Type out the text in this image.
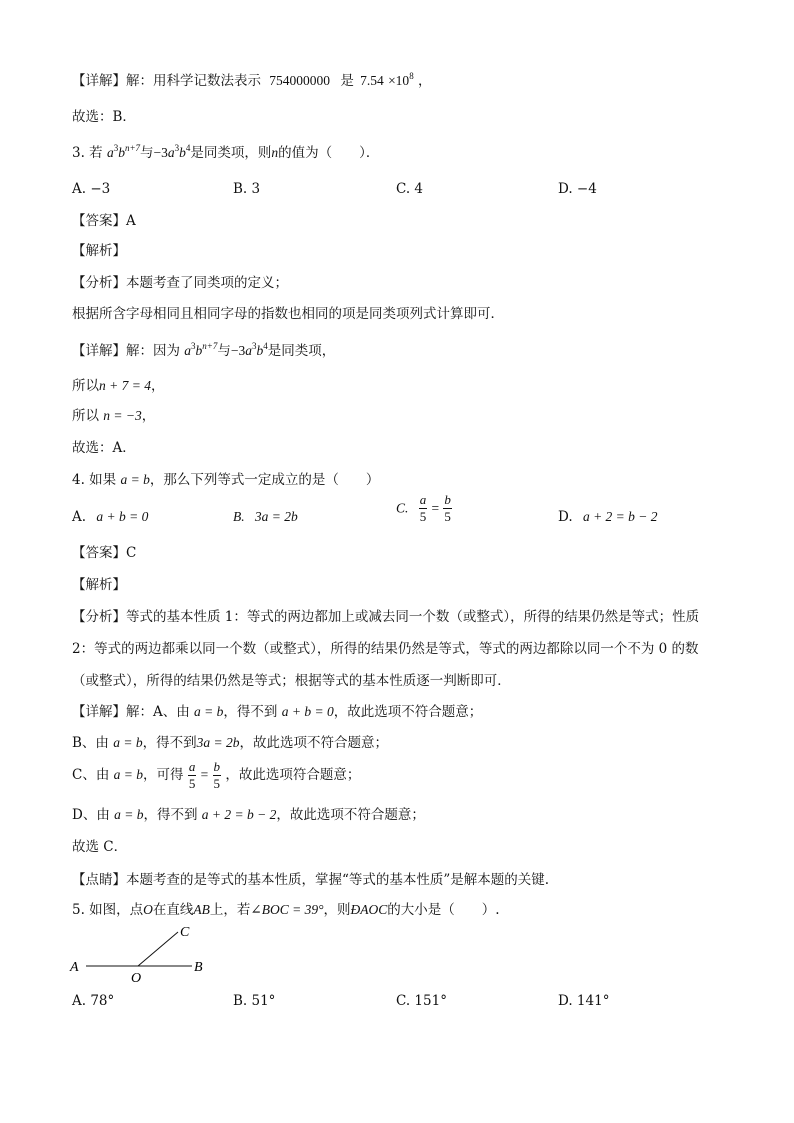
【详解】解：用科学记数法表示 754000000 是 $7.54 \times 10^8$ ，
故选：B．
3. 若 $a^3b^{n+7}$与$-3a^3b^4$是同类项，则n的值为（　　）．
A. −3	B. 3	C. 4	D. −4
【答案】A
【解析】
【分析】本题考查了同类项的定义；
根据所含字母相同且相同字母的指数也相同的项是同类项列式计算即可．
【详解】解：因为 $a^3b^{n+7}$与$-3a^3b^4$是同类项，
所以n + 7 = 4，
所以 n = −3，
故选：A．
4. 如果 a = b，那么下列等式一定成立的是（　　）
A. a + b = 0	B. 3a = 2b
C. $\frac{a}{5} = \frac{b}{5}$	D. a + 2 = b − 2
【答案】C
【解析】
【分析】等式的基本性质 1：等式的两边都加上或减去同一个数（或整式），所得的结果仍然是等式；性质
2：等式的两边都乘以同一个数（或整式），所得的结果仍然是等式，等式的两边都除以同一个不为 0 的数
（或整式），所得的结果仍然是等式；根据等式的基本性质逐一判断即可．
【详解】解：A、由 a = b，得不到 a + b = 0，故此选项不符合题意；
B、由 a = b，得不到3a = 2b，故此选项不符合题意；
C、由 a = b，可得 $\frac{a}{5} = \frac{b}{5}$ ，故此选项符合题意；
D、由 a = b，得不到 a + 2 = b − 2，故此选项不符合题意；
故选 C．
【点睛】本题考查的是等式的基本性质，掌握“等式的基本性质”是解本题的关键.
5. 如图，点O在直线AB上，若∠BOC = 39°，则ÐAOC的大小是（　　）.
A	B
C
O
A. 78°	B. 51°	C. 151°	D. 141°
